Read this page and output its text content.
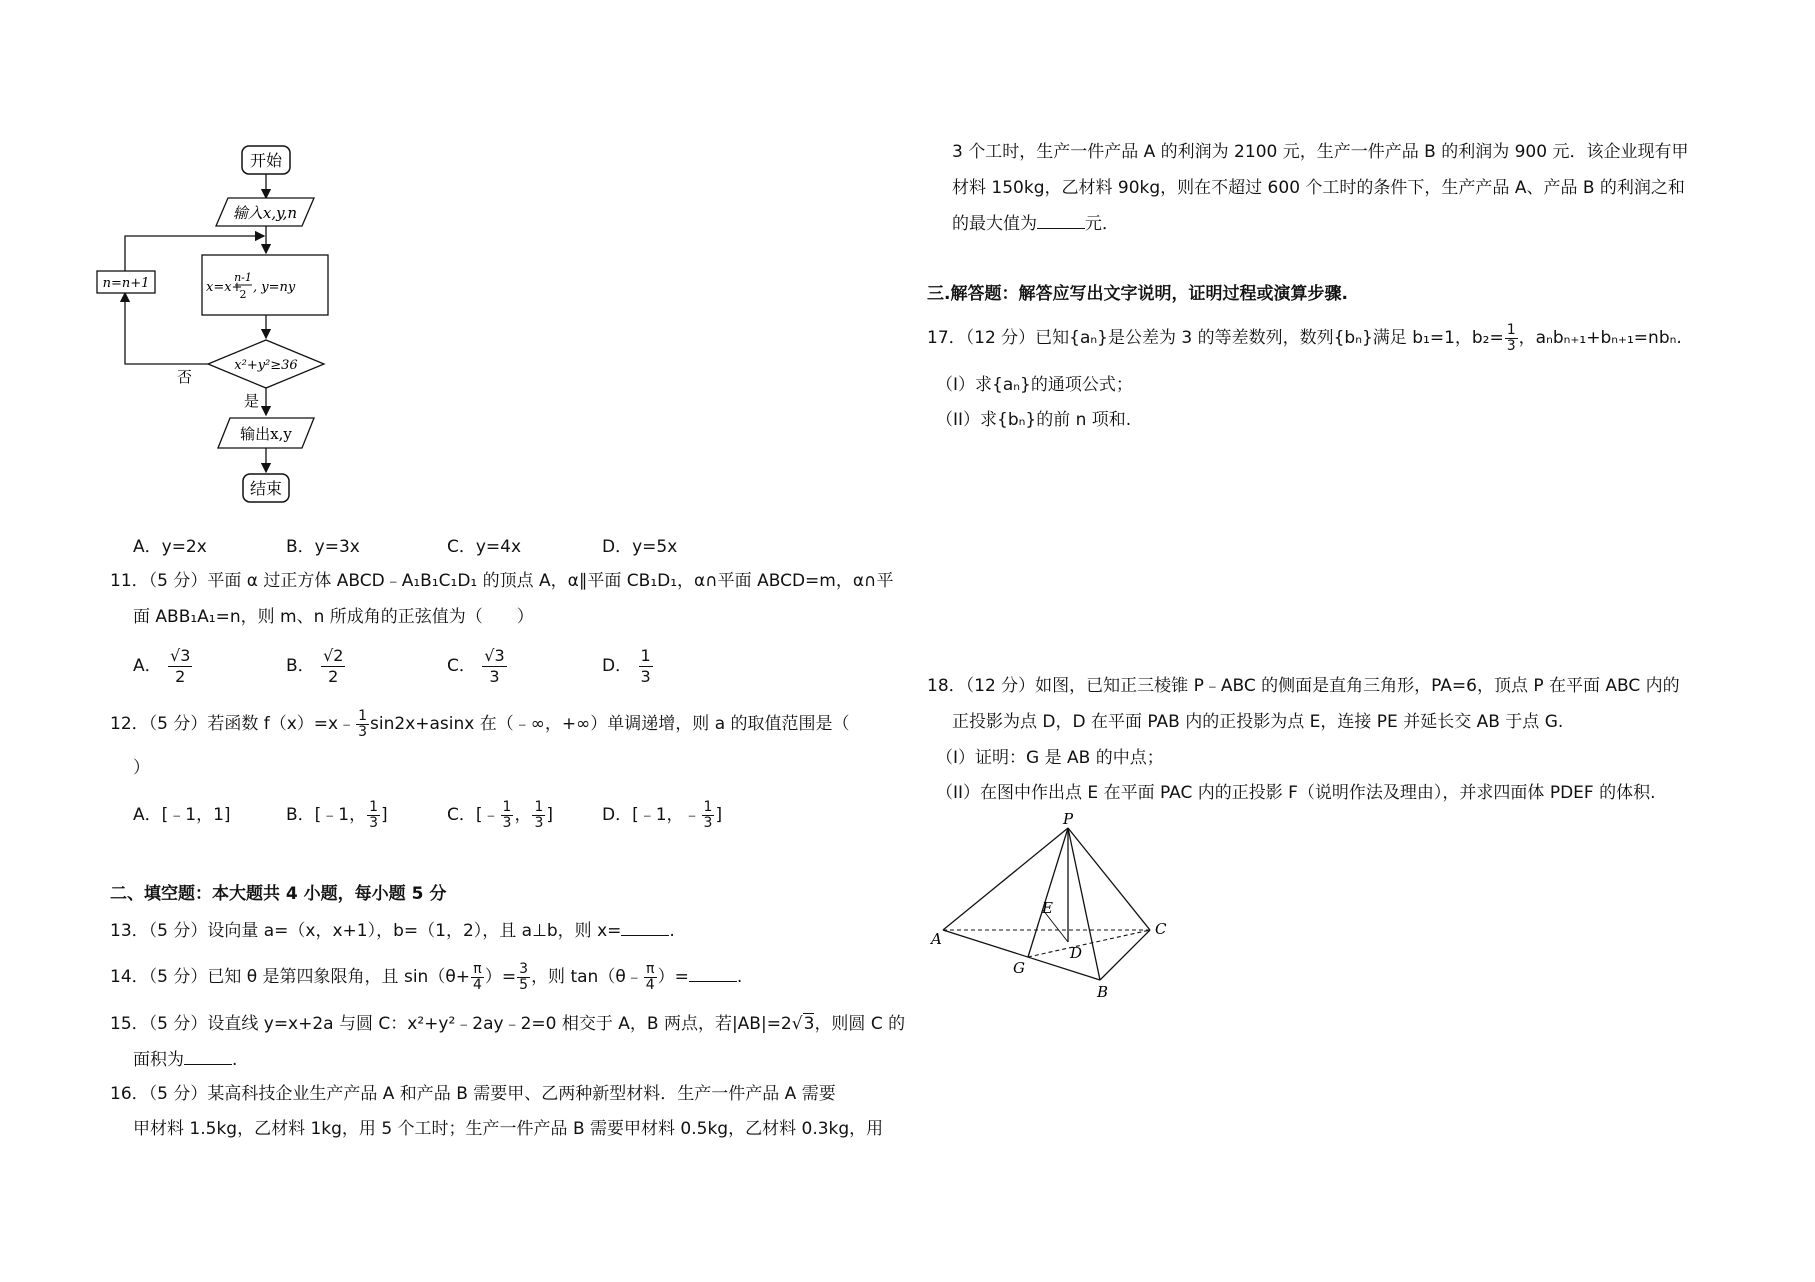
开始
输入x,y,n
x=x+
n-1
2 , y=ny
x²+y²≥36
否
n=n+1
是
输出x,y
结束
A．y=2x	B．y=3x	C．y=4x	D．y=5x
11．（5 分）平面 α 过正方体 ABCD﹣A₁B₁C₁D₁ 的顶点 A，α∥平面 CB₁D₁，α∩平面 ABCD=m，α∩平
面 ABB₁A₁=n，则 m、n 所成角的正弦值为（　　）
A． $\frac{√3}{2}$	B． $\frac{√2}{2}$	C． $\frac{√3}{3}$	D． $\frac{1}{3}$
12．（5 分）若函数 f（x）=x﹣ $\frac{1}{3} \sin 2x+asinx$ 在（﹣∞，+∞）单调递增，则 a 的取值范围是（
）
A．[﹣1，1]	B．[﹣1， $\frac{1}{3}$ ]	C．[﹣ $\frac{1}{3}$ ， $\frac{1}{3}$ ]	D．[﹣1，﹣ $\frac{1}{3}$ ]
二、填空题：本大题共 4 小题，每小题 5 分
13．（5 分）设向量 a=（x，x+1），b=（1，2），且 a⊥b，则 x=	.
14．（5 分）已知 θ 是第四象限角，且 $\sin(\theta+ \frac{\pi}{4}$ ）= $\frac{3}{5}$ ，则 tan（θ﹣ $\frac{\pi}{4}$ ）=	.
15．（5 分）设直线 y=x+2a 与圆 C：x²+y²﹣2ay﹣2=0 相交于 A，B 两点，若|AB|=2√3，则圆 C 的
面积为	.
16．（5 分）某高科技企业生产产品 A 和产品 B 需要甲、乙两种新型材料．生产一件产品 A 需要
甲材料 1.5kg，乙材料 1kg，用 5 个工时；生产一件产品 B 需要甲材料 0.5kg，乙材料 0.3kg，用
3 个工时，生产一件产品 A 的利润为 2100 元，生产一件产品 B 的利润为 900 元．该企业现有甲
材料 150kg，乙材料 90kg，则在不超过 600 个工时的条件下，生产产品 A、产品 B 的利润之和
的最大值为	元．
三.解答题：解答应写出文字说明，证明过程或演算步骤.
17．（12 分）已知{aₙ}是公差为 3 的等差数列，数列{bₙ}满足 b₁=1，$b_2= \frac{1}{3}$ ，aₙbₙ₊₁+bₙ₊₁=nbₙ.
（I）求{aₙ}的通项公式；
（II）求{bₙ}的前 n 项和.
18．（12 分）如图，已知正三棱锥 P﹣ABC 的侧面是直角三角形，PA=6，顶点 P 在平面 ABC 内的
正投影为点 D，D 在平面 PAB 内的正投影为点 E，连接 PE 并延长交 AB 于点 G.
（I）证明：G 是 AB 的中点；
（II）在图中作出点 E 在平面 PAC 内的正投影 F（说明作法及理由），并求四面体 PDEF 的体积.
P
A
C
B
G
D
E
